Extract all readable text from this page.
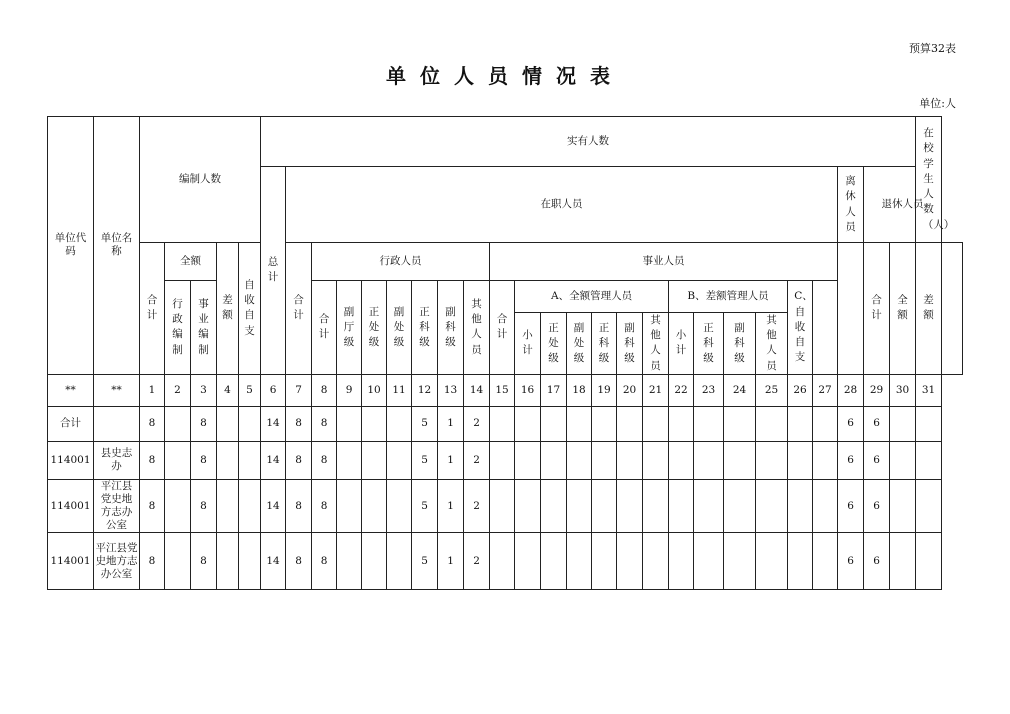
预算32表
单位人员情况表
单位:人
单位代码	单位名称	编制人数					实有人数																									在校学生人数（人）	
							总计	在职人员																					离休人员	退休人员			
		合计	全额		差额	自收自支		合计	行政人员							事业人员														合计	全额	差额	
			行政编制	事业编制					合计	副厅级	正处级	副处级	正科级	副科级	其他人员	合计	A、全额管理人员						B、差额管理人员				C、自收自支						
																	小计	正处级	副处级	正科级	副科级	其他人员	小计	正科级	副科级	其他人员							
**	**	1	2	3	4	5	6	7	8	9	10	11	12	13	14	15	16	17	18	19	20	21	22	23	24	25	26	27	28	29	30	31	
合计		8		8			14	8	8				5	1	2														6	6			
114001	县史志办	8		8			14	8	8				5	1	2														6	6			
114001	平江县党史地方志办公室	8		8			14	8	8				5	1	2														6	6			
114001	平江县党史地方志办公室	8		8			14	8	8				5	1	2														6	6			
